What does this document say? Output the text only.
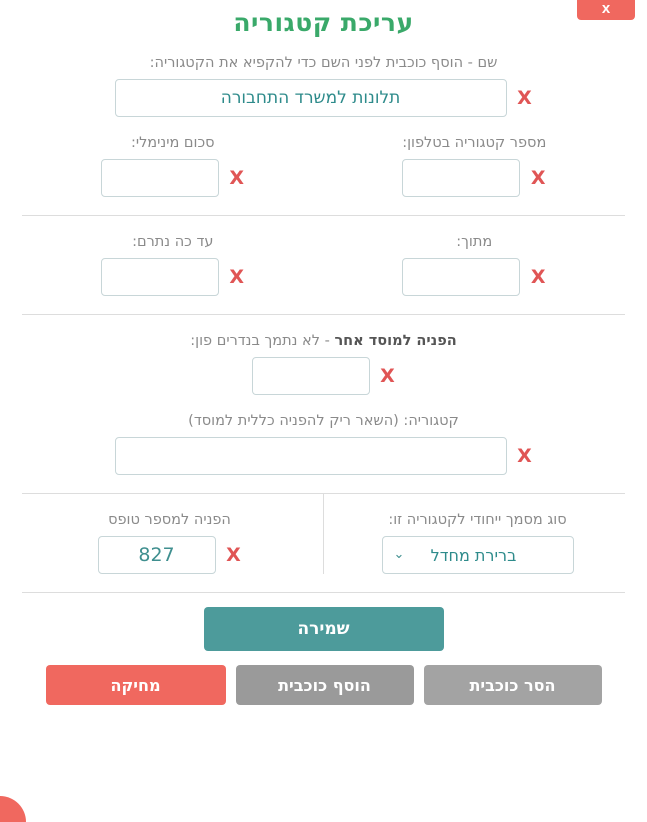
x
עריכת קטגוריה
שם - הוסף כוכבית לפני השם כדי להקפיא את הקטגוריה:
X
תלונות למשרד התחבורה
מספר קטגוריה בטלפון:
X
סכום מינימלי:
X
מתוך:
X
עד כה נתרם:
X
הפניה למוסד אחר - לא נתמך בנדרים פון:
X
קטגוריה: (השאר ריק להפניה כללית למוסד)
X
סוג מסמך ייחודי לקטגוריה זו:
ברירת מחדל
⌄
הפניה למספר טופס
X
827
שמירה
הסר כוכבית
הוסף כוכבית
מחיקה
